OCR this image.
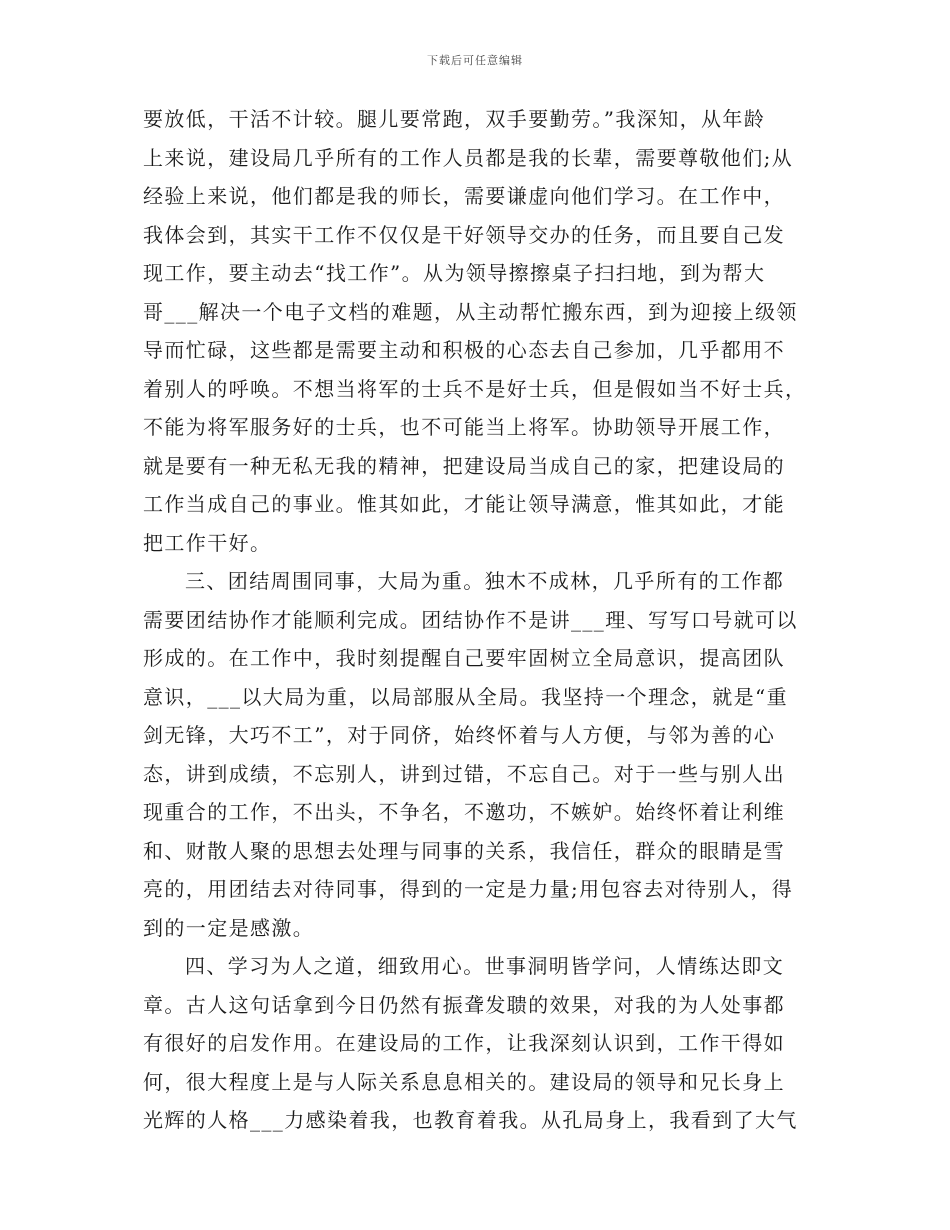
下载后可任意编辑
要放低，干活不计较。腿儿要常跑，双手要勤劳。”我深知，从年龄
上来说，建设局几乎所有的工作人员都是我的长辈，需要尊敬他们;从
经验上来说，他们都是我的师长，需要谦虚向他们学习。在工作中，
我体会到，其实干工作不仅仅是干好领导交办的任务，而且要自己发
现工作，要主动去“找工作”。从为领导擦擦桌子扫扫地，到为帮大
哥___解决一个电子文档的难题，从主动帮忙搬东西，到为迎接上级领
导而忙碌，这些都是需要主动和积极的心态去自己参加，几乎都用不
着别人的呼唤。不想当将军的士兵不是好士兵，但是假如当不好士兵，
不能为将军服务好的士兵，也不可能当上将军。协助领导开展工作，
就是要有一种无私无我的精神，把建设局当成自己的家，把建设局的
工作当成自己的事业。惟其如此，才能让领导满意，惟其如此，才能
把工作干好。
三、团结周围同事，大局为重。独木不成林，几乎所有的工作都
需要团结协作才能顺利完成。团结协作不是讲___理、写写口号就可以
形成的。在工作中，我时刻提醒自己要牢固树立全局意识，提高团队
意识，___以大局为重，以局部服从全局。我坚持一个理念，就是“重
剑无锋，大巧不工”，对于同侪，始终怀着与人方便，与邻为善的心
态，讲到成绩，不忘别人，讲到过错，不忘自己。对于一些与别人出
现重合的工作，不出头，不争名，不邀功，不嫉妒。始终怀着让利维
和、财散人聚的思想去处理与同事的关系，我信任，群众的眼睛是雪
亮的，用团结去对待同事，得到的一定是力量;用包容去对待别人，得
到的一定是感激。
四、学习为人之道，细致用心。世事洞明皆学问，人情练达即文
章。古人这句话拿到今日仍然有振聋发聩的效果，对我的为人处事都
有很好的启发作用。在建设局的工作，让我深刻认识到，工作干得如
何，很大程度上是与人际关系息息相关的。建设局的领导和兄长身上
光辉的人格___力感染着我，也教育着我。从孔局身上，我看到了大气
